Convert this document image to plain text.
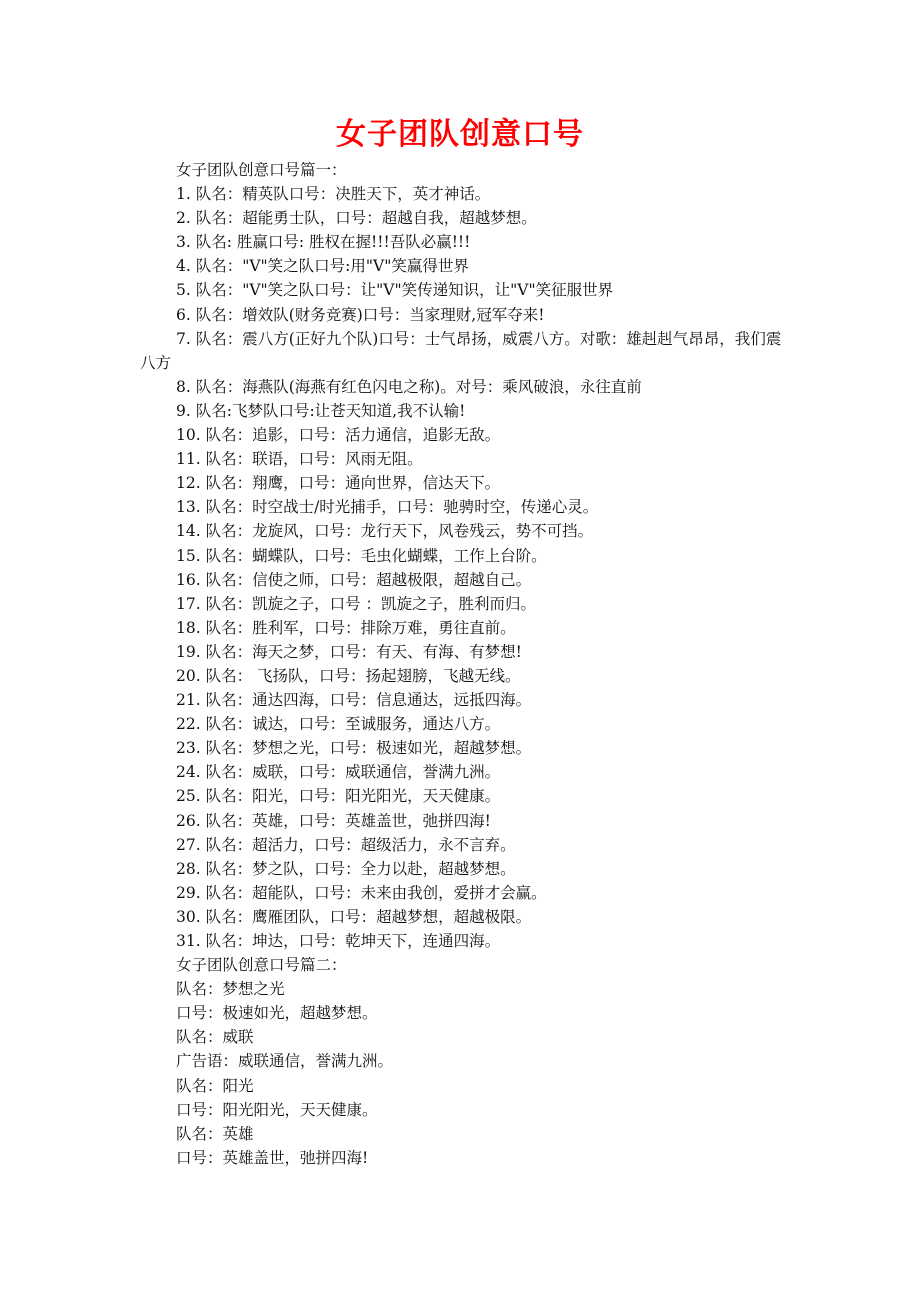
女子团队创意口号
女子团队创意口号篇一：
1. 队名：精英队口号：决胜天下，英才神话。
2. 队名：超能勇士队，口号：超越自我，超越梦想。
3. 队名: 胜赢口号: 胜权在握!!!吾队必赢!!!
4. 队名："V"笑之队口号:用"V"笑赢得世界
5. 队名："V"笑之队口号：让"V"笑传递知识，让"V"笑征服世界
6. 队名：增效队(财务竞赛)口号：当家理财,冠军夺来!
7. 队名：震八方(正好九个队)口号：士气昂扬，威震八方。对歌：雄赳赳气昂昂，我们震八方
8. 队名：海燕队(海燕有红色闪电之称)。对号：乘风破浪，永往直前
9. 队名:飞梦队口号:让苍天知道,我不认输!
10. 队名：追影，口号：活力通信，追影无敌。
11. 队名：联语，口号：风雨无阻。
12. 队名：翔鹰，口号：通向世界，信达天下。
13. 队名：时空战士/时光捕手，口号：驰骋时空，传递心灵。
14. 队名：龙旋风，口号：龙行天下，风卷残云，势不可挡。
15. 队名：蝴蝶队，口号：毛虫化蝴蝶，工作上台阶。
16. 队名：信使之师，口号：超越极限，超越自己。
17. 队名：凯旋之子，口号 ：凯旋之子，胜利而归。
18. 队名：胜利军，口号：排除万难，勇往直前。
19. 队名：海天之梦，口号：有天、有海、有梦想!
20. 队名： 飞扬队，口号：扬起翅膀，飞越无线。
21. 队名：通达四海，口号：信息通达，远抵四海。
22. 队名：诚达，口号：至诚服务，通达八方。
23. 队名：梦想之光，口号：极速如光，超越梦想。
24. 队名：威联，口号：威联通信，誉满九洲。
25. 队名：阳光，口号：阳光阳光，天天健康。
26. 队名：英雄，口号：英雄盖世，弛拼四海!
27. 队名：超活力，口号：超级活力，永不言弃。
28. 队名：梦之队，口号：全力以赴，超越梦想。
29. 队名：超能队，口号：未来由我创，爱拼才会赢。
30. 队名：鹰雁团队，口号：超越梦想，超越极限。
31. 队名：坤达，口号：乾坤天下，连通四海。
女子团队创意口号篇二：
队名：梦想之光
口号：极速如光，超越梦想。
队名：威联
广告语：威联通信，誉满九洲。
队名：阳光
口号：阳光阳光，天天健康。
队名：英雄
口号：英雄盖世，弛拼四海!
